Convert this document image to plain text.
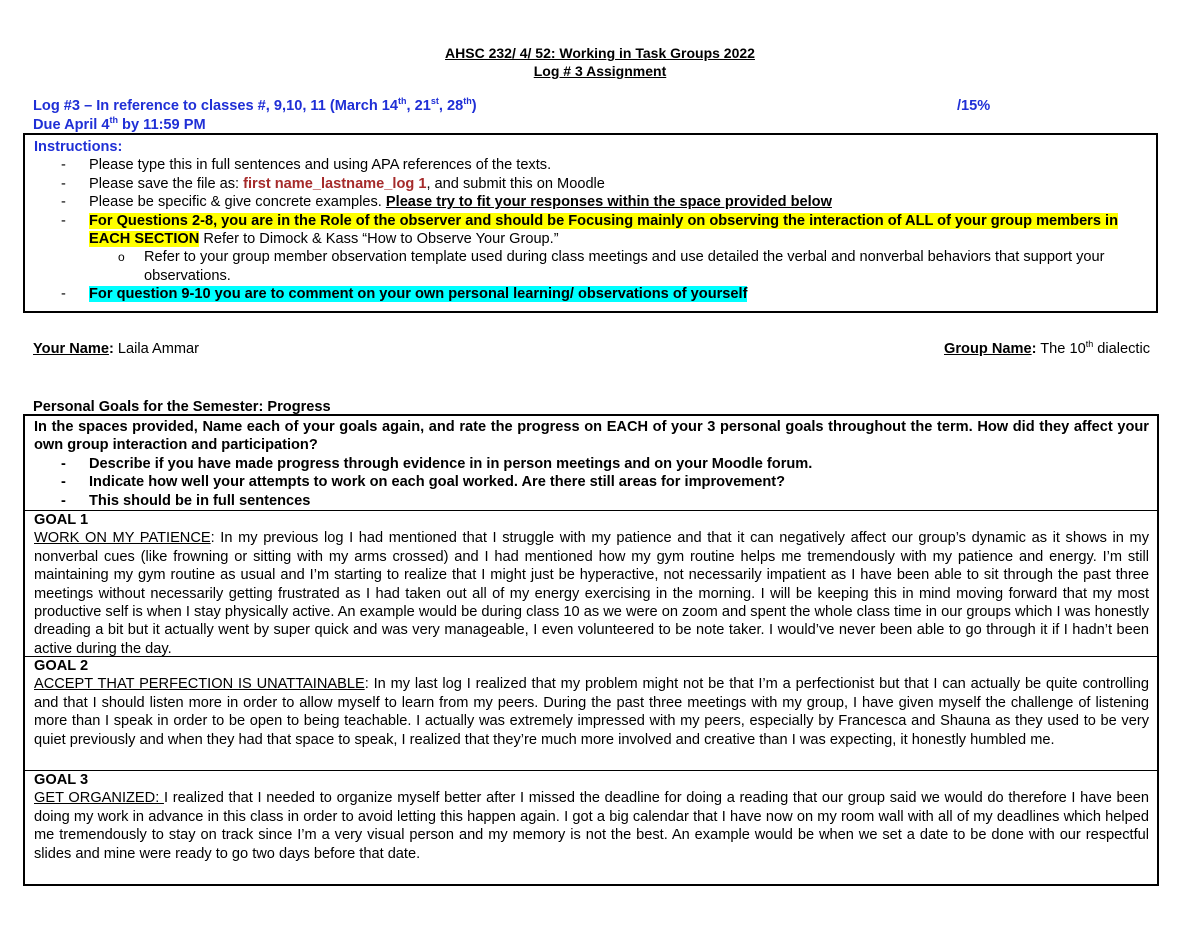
AHSC 232/ 4/ 52: Working in Task Groups 2022
Log # 3 Assignment
Log #3 – In reference to classes #, 9,10, 11 (March 14th, 21st, 28th)	/15%
Due April 4th by 11:59 PM
Instructions:
- Please type this in full sentences and using APA references of the texts.
- Please save the file as: first name_lastname_log 1, and submit this on Moodle
- Please be specific & give concrete examples. Please try to fit your responses within the space provided below
- For Questions 2-8, you are in the Role of the observer and should be Focusing mainly on observing the interaction of ALL of your group members in EACH SECTION Refer to Dimock & Kass “How to Observe Your Group.”
o Refer to your group member observation template used during class meetings and use detailed the verbal and nonverbal behaviors that support your observations.
- For question 9-10 you are to comment on your own personal learning/ observations of yourself
Your Name: Laila Ammar	Group Name: The 10th dialectic
Personal Goals for the Semester: Progress
In the spaces provided, Name each of your goals again, and rate the progress on EACH of your 3 personal goals throughout the term. How did they affect your own group interaction and participation?
- Describe if you have made progress through evidence in in person meetings and on your Moodle forum.
- Indicate how well your attempts to work on each goal worked. Are there still areas for improvement?
- This should be in full sentences
GOAL 1
WORK ON MY PATIENCE: In my previous log I had mentioned that I struggle with my patience and that it can negatively affect our group’s dynamic as it shows in my nonverbal cues (like frowning or sitting with my arms crossed) and I had mentioned how my gym routine helps me tremendously with my patience and energy. I’m still maintaining my gym routine as usual and I’m starting to realize that I might just be hyperactive, not necessarily impatient as I have been able to sit through the past three meetings without necessarily getting frustrated as I had taken out all of my energy exercising in the morning. I will be keeping this in mind moving forward that my most productive self is when I stay physically active. An example would be during class 10 as we were on zoom and spent the whole class time in our groups which I was honestly dreading a bit but it actually went by super quick and was very manageable, I even volunteered to be note taker. I would’ve never been able to go through it if I hadn’t been active during the day.
GOAL 2
ACCEPT THAT PERFECTION IS UNATTAINABLE: In my last log I realized that my problem might not be that I’m a perfectionist but that I can actually be quite controlling and that I should listen more in order to allow myself to learn from my peers. During the past three meetings with my group, I have given myself the challenge of listening more than I speak in order to be open to being teachable. I actually was extremely impressed with my peers, especially by Francesca and Shauna as they used to be very quiet previously and when they had that space to speak, I realized that they’re much more involved and creative than I was expecting, it honestly humbled me.
GOAL 3
GET ORGANIZED: I realized that I needed to organize myself better after I missed the deadline for doing a reading that our group said we would do therefore I have been doing my work in advance in this class in order to avoid letting this happen again. I got a big calendar that I have now on my room wall with all of my deadlines which helped me tremendously to stay on track since I’m a very visual person and my memory is not the best. An example would be when we set a date to be done with our respectful slides and mine were ready to go two days before that date.
